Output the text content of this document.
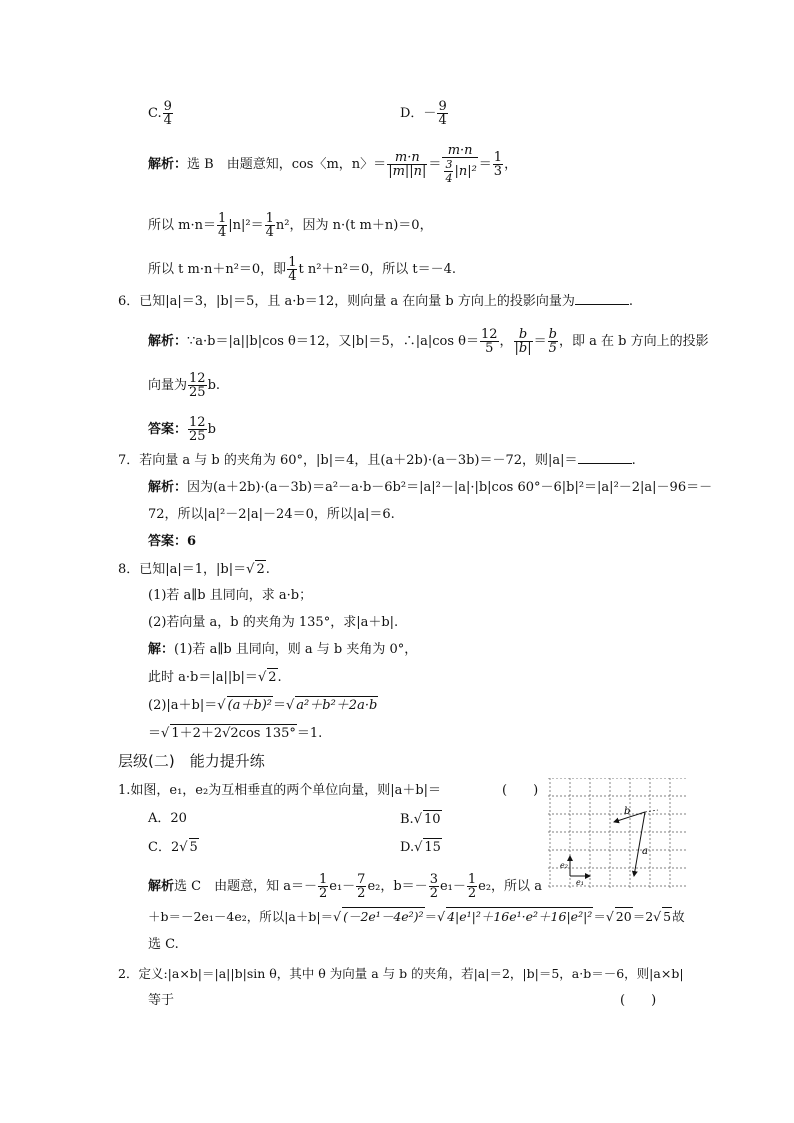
C. $\frac{9}{4}$	D．－ $\frac{9}{4}$
解析：选 B　由题意知，cos〈m，n〉＝ $\frac{m\cdot n}{|m||n|} = \frac{m\cdot n}{\frac{3}{4} |n|^2} = \frac{1}{3}$ ，
所以 $m\cdot n= \frac{1}{4} |n|^2= \frac{1}{4} n^2$，因为 n·(t m＋n)＝0，
所以 t m·n＋n²＝0，即 $\frac{1}{4}$ t n²＋n²＝0，所以 t＝－4.
6．已知|a|＝3，|b|＝5，且 a·b＝12，则向量 a 在向量 b 方向上的投影向量为	.
解析：∵a·b＝|a||b|cos θ＝12，又|b|＝5，∴|a|cos $\theta= \frac{12}{5}$ ， $\frac{b}{|b|} = \frac{b}{5}$ ，即 a 在 b 方向上的投影
向量为 $\frac{12}{25} b$.
答案： $\frac{12}{25}$ b
7．若向量 a 与 b 的夹角为 60°，|b|＝4，且(a＋2b)·(a－3b)＝－72，则|a|＝	.
解析：因为(a＋2b)·(a－3b)＝a²－a·b－6b²＝|a|²－|a|·|b|cos 60°－6|b|²＝|a|²－2|a|－96＝－
72，所以|a|²－2|a|－24＝0，所以|a|＝6.
答案：6
8．已知|a|＝1，|b|＝√ 2.
(1)若 a∥b 且同向，求 a·b；
(2)若向量 a，b 的夹角为 135°，求|a＋b|.
解：(1)若 a∥b 且同向，则 a 与 b 夹角为 0°，
此时 a·b＝|a||b|＝√ 2.
(2)|a＋b|＝√ (a＋b)²＝√ a²＋b²＋2a·b
＝√ 1＋2＋2√2cos 135°＝1.
层级(二)　能力提升练
1.如图，e₁，e₂为互相垂直的两个单位向量，则|a＋b|＝	(　　)
A．20	B.√ 10
C．2√ 5	D.√ 15	a
b
e₁
e₂
解析选 C　由题意，知 $a=- \frac{1}{2} e_1- \frac{7}{2} e_2$，$b=- \frac{3}{2} e_1- \frac{1}{2} e_2$，所以 a
＋b＝－2e₁－4e₂，所以|a＋b|＝√ (－2e¹－4e²)²＝√ 4|e¹|²＋16e¹·e²＋16|e²|²＝√ 20＝2√ 5故
选 C.
2．定义:|a×b|＝|a||b|sin θ，其中 θ 为向量 a 与 b 的夹角，若|a|＝2，|b|＝5，a·b＝－6，则|a×b|
等于	(　　)
